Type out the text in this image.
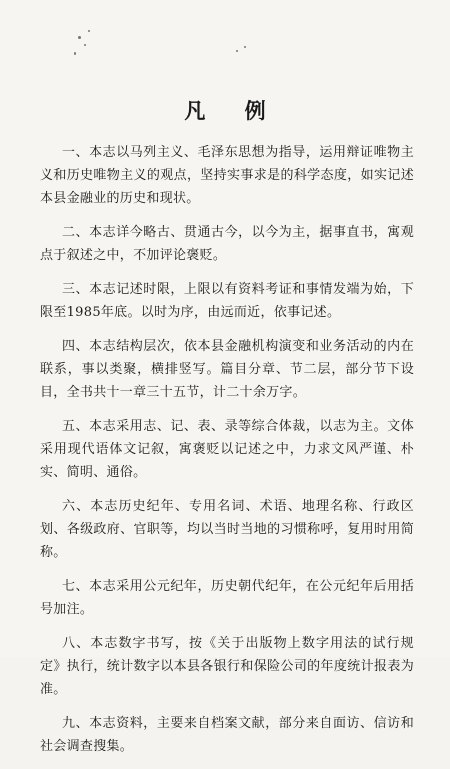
凡 例

一、本志以马列主义、毛泽东思想为指导，运用辩证唯物主义和历史唯物主义的观点，坚持实事求是的科学态度，如实记述本县金融业的历史和现状。

二、本志详今略古、贯通古今，以今为主，据事直书，寓观点于叙述之中，不加评论褒贬。

三、本志记述时限，上限以有资料考证和事情发端为始，下限至1985年底。以时为序，由远而近，依事记述。

四、本志结构层次，依本县金融机构演变和业务活动的内在联系，事以类聚，横排竖写。篇目分章、节二层，部分节下设目，全书共十一章三十五节，计二十余万字。

五、本志采用志、记、表、录等综合体裁，以志为主。文体采用现代语体文记叙，寓褒贬以记述之中，力求文风严谨、朴实、简明、通俗。

六、本志历史纪年、专用名词、术语、地理名称、行政区划、各级政府、官职等，均以当时当地的习惯称呼，复用时用简称。

七、本志采用公元纪年，历史朝代纪年，在公元纪年后用括号加注。

八、本志数字书写，按《关于出版物上数字用法的试行规定》执行，统计数字以本县各银行和保险公司的年度统计报表为准。

九、本志资料，主要来自档案文献，部分来自面访、信访和社会调查搜集。
